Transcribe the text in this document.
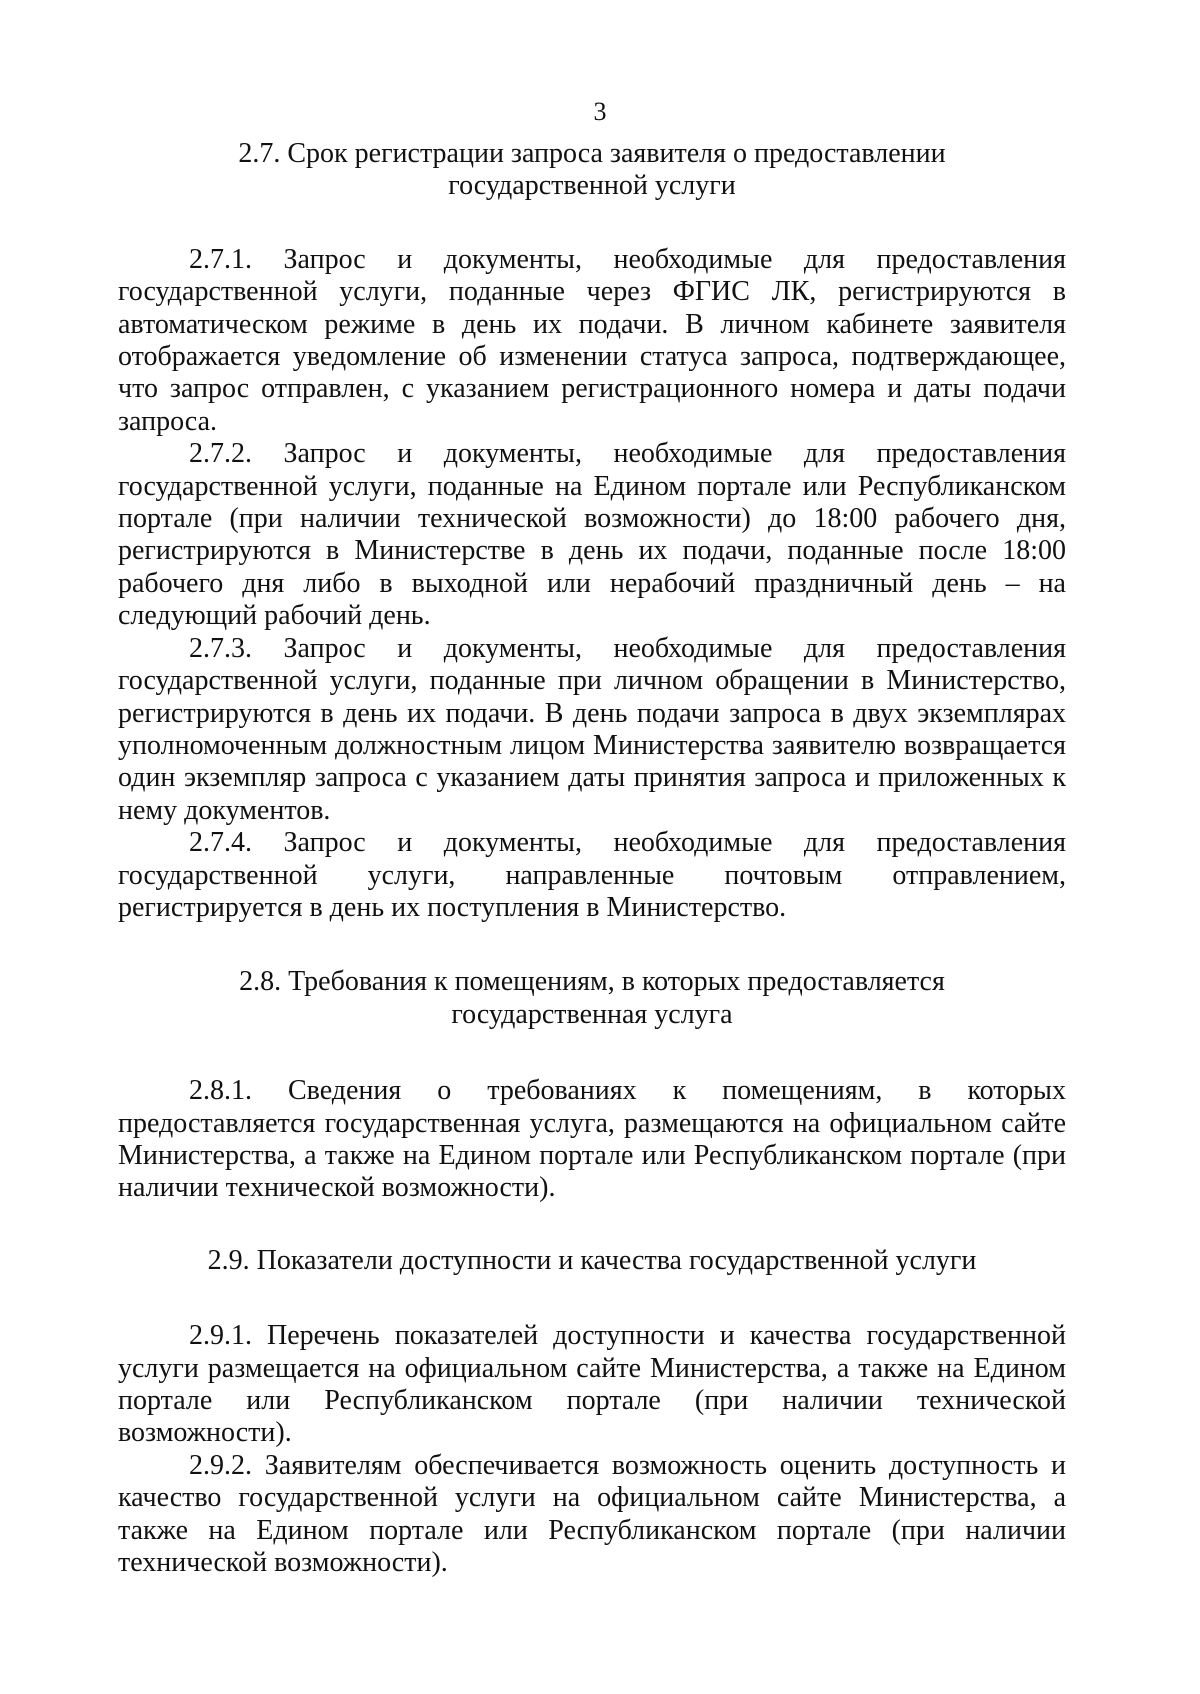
3
2.7. Срок регистрации запроса заявителя о предоставлении
государственной услуги

2.7.1. Запрос и документы, необходимые для предоставления государственной услуги, поданные через ФГИС ЛК, регистрируются в автоматическом режиме в день их подачи. В личном кабинете заявителя отображается уведомление об изменении статуса запроса, подтверждающее, что запрос отправлен, с указанием регистрационного номера и даты подачи запроса.

2.7.2. Запрос и документы, необходимые для предоставления государственной услуги, поданные на Едином портале или Республиканском портале (при наличии технической возможности) до 18:00 рабочего дня, регистрируются в Министерстве в день их подачи, поданные после 18:00 рабочего дня либо в выходной или нерабочий праздничный день – на следующий рабочий день.

2.7.3. Запрос и документы, необходимые для предоставления государственной услуги, поданные при личном обращении в Министерство, регистрируются в день их подачи. В день подачи запроса в двух экземплярах уполномоченным должностным лицом Министерства заявителю возвращается один экземпляр запроса с указанием даты принятия запроса и приложенных к нему документов.

2.7.4. Запрос и документы, необходимые для предоставления государственной услуги, направленные почтовым отправлением, регистрируется в день их поступления в Министерство.

2.8. Требования к помещениям, в которых предоставляется
государственная услуга

2.8.1. Сведения о требованиях к помещениям, в которых предоставляется государственная услуга, размещаются на официальном сайте Министерства, а также на Едином портале или Республиканском портале (при наличии технической возможности).

2.9. Показатели доступности и качества государственной услуги

2.9.1. Перечень показателей доступности и качества государственной услуги размещается на официальном сайте Министерства, а также на Едином портале или Республиканском портале (при наличии технической возможности).

2.9.2. Заявителям обеспечивается возможность оценить доступность и качество государственной услуги на официальном сайте Министерства, а также на Едином портале или Республиканском портале (при наличии технической возможности).
